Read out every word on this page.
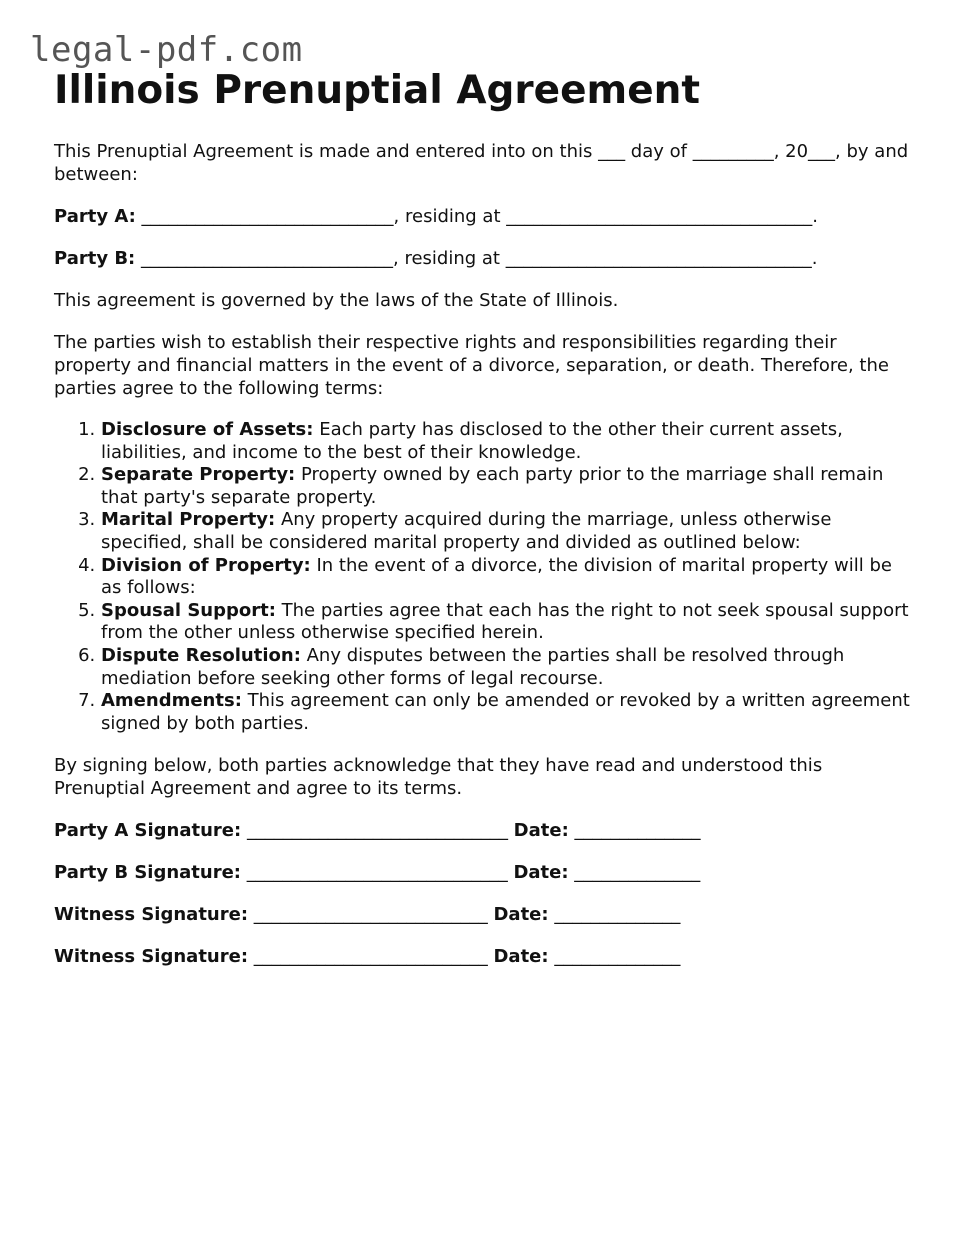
legal-pdf.com
Illinois Prenuptial Agreement

This Prenuptial Agreement is made and entered into on this ___ day of _________, 20___, by and between:

Party A: ____________________________, residing at __________________________________.

Party B: ____________________________, residing at __________________________________.

This agreement is governed by the laws of the State of Illinois.

The parties wish to establish their respective rights and responsibilities regarding their property and financial matters in the event of a divorce, separation, or death. Therefore, the parties agree to the following terms:

1. Disclosure of Assets: Each party has disclosed to the other their current assets, liabilities, and income to the best of their knowledge.
2. Separate Property: Property owned by each party prior to the marriage shall remain that party's separate property.
3. Marital Property: Any property acquired during the marriage, unless otherwise specified, shall be considered marital property and divided as outlined below:
4. Division of Property: In the event of a divorce, the division of marital property will be as follows:
5. Spousal Support: The parties agree that each has the right to not seek spousal support from the other unless otherwise specified herein.
6. Dispute Resolution: Any disputes between the parties shall be resolved through mediation before seeking other forms of legal recourse.
7. Amendments: This agreement can only be amended or revoked by a written agreement signed by both parties.

By signing below, both parties acknowledge that they have read and understood this Prenuptial Agreement and agree to its terms.

Party A Signature: _____________________________ Date: ______________

Party B Signature: _____________________________ Date: ______________

Witness Signature: __________________________ Date: ______________

Witness Signature: __________________________ Date: ______________
